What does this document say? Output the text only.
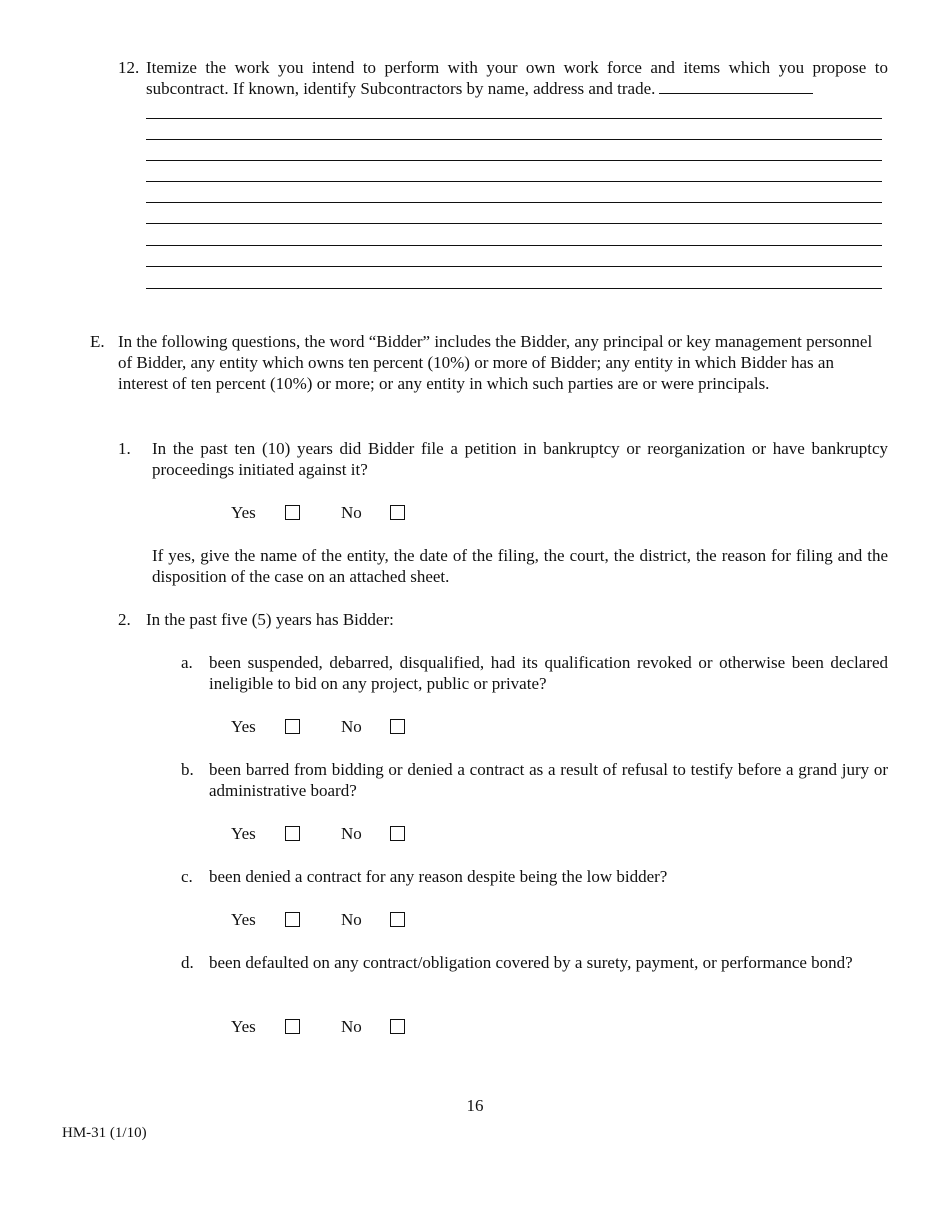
12. Itemize the work you intend to perform with your own work force and items which you propose to subcontract. If known, identify Subcontractors by name, address and trade.
E. In the following questions, the word “Bidder” includes the Bidder, any principal or key management personnel of Bidder, any entity which owns ten percent (10%) or more of Bidder; any entity in which Bidder has an interest of ten percent (10%) or more; or any entity in which such parties are or were principals.
1. In the past ten (10) years did Bidder file a petition in bankruptcy or reorganization or have bankruptcy proceedings initiated against it?
Yes	No
If yes, give the name of the entity, the date of the filing, the court, the district, the reason for filing and the disposition of the case on an attached sheet.
2. In the past five (5) years has Bidder:
a. been suspended, debarred, disqualified, had its qualification revoked or otherwise been declared ineligible to bid on any project, public or private?
Yes	No
b. been barred from bidding or denied a contract as a result of refusal to testify before a grand jury or administrative board?
Yes	No
c. been denied a contract for any reason despite being the low bidder?
Yes	No
d. been defaulted on any contract/obligation covered by a surety, payment, or performance bond?
Yes	No
16
HM-31 (1/10)
